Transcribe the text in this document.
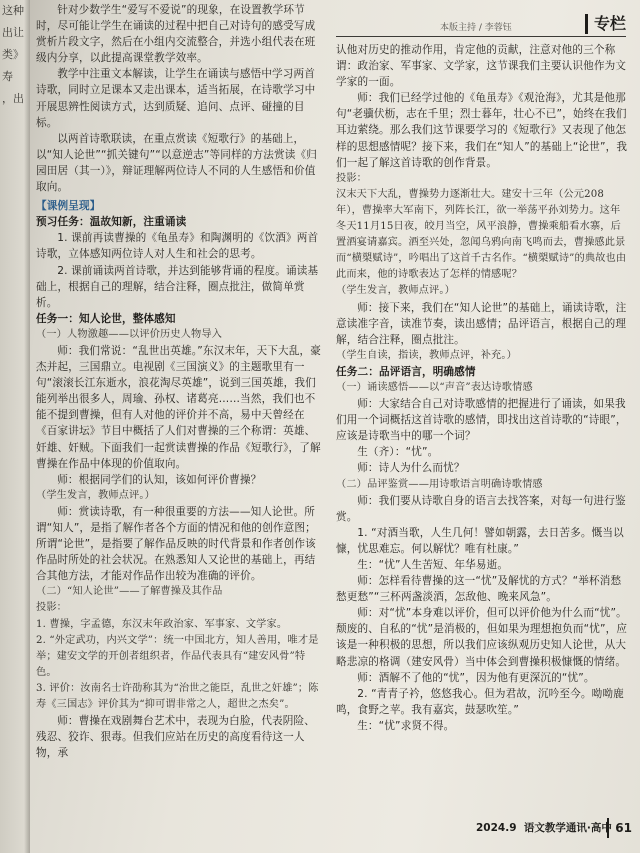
这种
出让
类》
寿
，出
本版主持 / 李蓉钰	专栏

针对少数学生“爱写不爱说”的现象，在设置教学环节时，尽可能让学生在诵读的过程中把自己对诗句的感受写成赏析片段文字，然后在小组内交流整合，并选小组代表在班级内分享，以此提高课堂教学效率。

教学中注重文本解读，让学生在诵读与感悟中学习两首诗歌，同时立足课本又走出课本，适当拓展，在诗歌学习中开展思辨性阅读方式，达到质疑、追问、点评、碰撞的目标。

以两首诗歌联读，在重点赏读《短歌行》的基础上，以“知人论世”“抓关键句”“以意逆志”等同样的方法赏读《归园田居（其一）》，辩证理解两位诗人不同的人生感悟和价值取向。

【 课例呈现 】

预习任务：温故知新，注重诵读

1. 课前再读曹操的《龟虽寿》和陶渊明的《饮酒》两首诗歌，立体感知两位诗人对人生和社会的思考。

2. 课前诵读两首诗歌，并达到能够背诵的程度。诵读基础上，根据自己的理解，结合注释，圈点批注，做简单赏析。

任务一：知人论世，整体感知

（一）人物激趣——以评价历史人物导入

师：我们常说：“乱世出英雄。”东汉末年，天下大乱，豪杰并起，三国鼎立。电视剧《三国演义》的主题歌里有一句“滚滚长江东逝水，浪花淘尽英雄”，说到三国英雄，我们能列举出很多人，周瑜、孙权、诸葛亮……当然，我们也不能不提到曹操，但有人对他的评价并不高，易中天曾经在《百家讲坛》节目中概括了人们对曹操的三个称谓：英雄、奸雄、奸贼。下面我们一起赏读曹操的作品《短歌行》，了解曹操在作品中体现的价值取向。

师：根据同学们的认知，该如何评价曹操？

（学生发言，教师点评。）

师：赏读诗歌，有一种很重要的方法——知人论世。所谓“知人”，是指了解作者各个方面的情况和他的创作意图；所谓“论世”，是指要了解作品反映的时代背景和作者创作该作品时所处的社会状况。在熟悉知人又论世的基础上，再结合其他方法，才能对作品作出较为准确的评价。

（二）“知人论世”——了解曹操及其作品

投影：

1. 曹操，字孟德，东汉末年政治家、军事家、文学家。

2. “外定武功，内兴文学”：统一中国北方，知人善用，唯才是举；建安文学的开创者组织者，作品代表具有“建安风骨”特色。

3. 评价：汝南名士许劭称其为“治世之能臣，乱世之奸雄”；陈寿《三国志》评价其为“抑可谓非常之人，超世之杰矣”。

师：曹操在戏剧舞台艺术中，表现为白脸，代表阴险、残忍、狡诈、狠毒。但我们应站在历史的高度看待这一人物，承

认他对历史的推动作用，肯定他的贡献，注意对他的三个称谓：政治家、军事家、文学家，这节课我们主要认识他作为文学家的一面。

师：我们已经学过他的《龟虽寿》《观沧海》，尤其是他那句“老骥伏枥，志在千里；烈士暮年，壮心不已”，始终在我们耳边萦绕。那么我们这节课要学习的《短歌行》又表现了他怎样的思想感情呢？接下来，我们在“知人”的基础上“论世”，我们一起了解这首诗歌的创作背景。

投影：

汉末天下大乱，曹操势力逐渐壮大。建安十三年（公元208年），曹操率大军南下，列阵长江，欲一举荡平孙刘势力。这年冬天11月15日夜，皎月当空，风平浪静，曹操乘船看水寨，后置酒宴请嘉宾。酒至兴处，忽闻乌鸦向南飞鸣而去，曹操感此景而“横槊赋诗”，吟唱出了这首千古名作。“横槊赋诗”的典故也由此而来，他的诗歌表达了怎样的情感呢？

（学生发言，教师点评。）

师：接下来，我们在“知人论世”的基础上，诵读诗歌，注意读准字音，读准节奏，读出感情；品评语言，根据自己的理解，结合注释，圈点批注。

（学生自读，指读，教师点评，补充。）

任务二：品评语言，明确感情

（一）诵读感悟——以“声音”表达诗歌情感

师：大家结合自己对诗歌感情的把握进行了诵读，如果我们用一个词概括这首诗歌的感情，即找出这首诗歌的“诗眼”，应该是诗歌当中的哪一个词？

生（齐）：“忧”。

师：诗人为什么而忧？

（二）品评鉴赏——用诗歌语言明确诗歌情感

师：我们要从诗歌自身的语言去找答案，对每一句进行鉴赏。

1. “对酒当歌，人生几何！譬如朝露，去日苦多。慨当以慷，忧思难忘。何以解忧？唯有杜康。”

生：“忧”人生苦短、年华易逝。

师：怎样看待曹操的这一“忧”及解忧的方式？“举杯消愁愁更愁”“三杯两盏淡酒，怎敌他、晚来风急”。

师：对“忧”本身难以评价，但可以评价他为什么而“忧”。颓废的、自私的“忧”是消极的，但如果为理想抱负而“忧”，应该是一种积极的思想，所以我们应该纵观历史知人论世，从大略悲凉的格调（建安风骨）当中体会到曹操积极慷慨的情绪。

师：酒解不了他的“忧”，因为他有更深沉的“忧”。

2. “青青子衿，悠悠我心。但为君故，沉吟至今。呦呦鹿鸣，食野之苹。我有嘉宾，鼓瑟吹笙。”

生：“忧”求贤不得。

2024.9 语文教学通讯·高中 61
